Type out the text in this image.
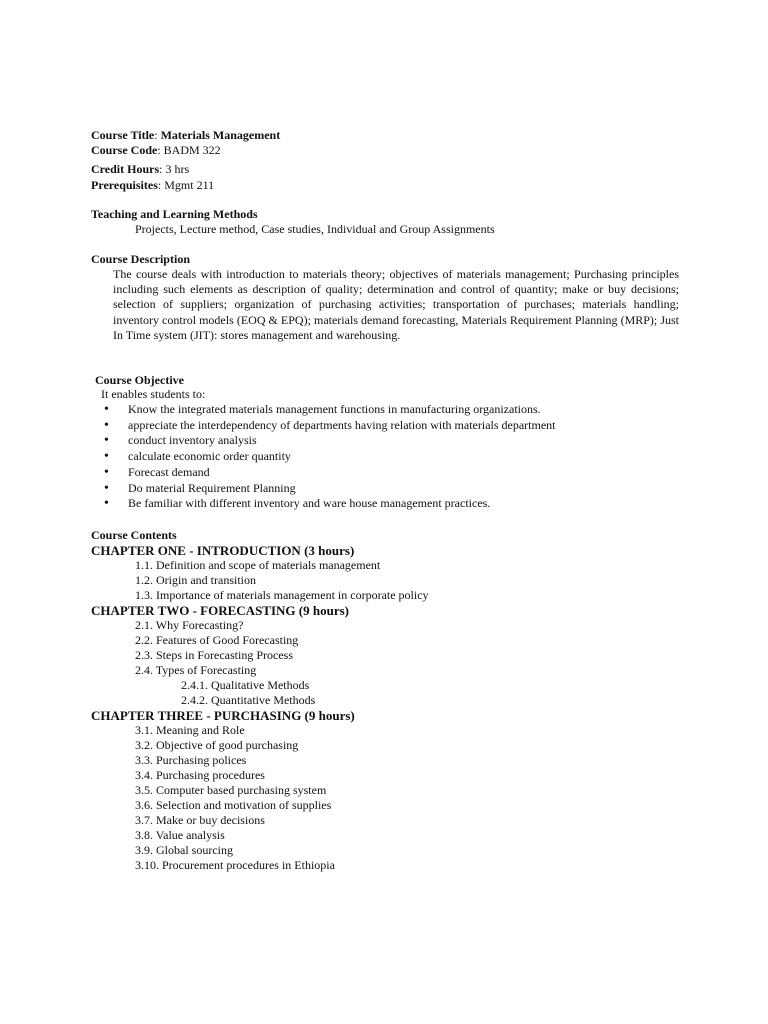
Course Title: Materials Management
Course Code: BADM 322
Credit Hours: 3 hrs
Prerequisites: Mgmt 211
Teaching and Learning Methods
Projects, Lecture method, Case studies, Individual and Group Assignments
Course Description
The course deals with introduction to materials theory; objectives of materials management; Purchasing principles including such elements as description of quality; determination and control of quantity; make or buy decisions; selection of suppliers; organization of purchasing activities; transportation of purchases; materials handling; inventory control models (EOQ & EPQ); materials demand forecasting, Materials Requirement Planning (MRP); Just In Time system (JIT): stores management and warehousing.
Course Objective
It enables students to:
• Know the integrated materials management functions in manufacturing organizations.
• appreciate the interdependency of departments having relation with materials department
• conduct inventory analysis
• calculate economic order quantity
• Forecast demand
• Do material Requirement Planning
• Be familiar with different inventory and ware house management practices.
Course Contents
CHAPTER ONE - INTRODUCTION (3 hours)
1.1. Definition and scope of materials management
1.2. Origin and transition
1.3. Importance of materials management in corporate policy
CHAPTER TWO - FORECASTING (9 hours)
2.1. Why Forecasting?
2.2. Features of Good Forecasting
2.3. Steps in Forecasting Process
2.4. Types of Forecasting
2.4.1. Qualitative Methods
2.4.2. Quantitative Methods
CHAPTER THREE - PURCHASING (9 hours)
3.1. Meaning and Role
3.2. Objective of good purchasing
3.3. Purchasing polices
3.4. Purchasing procedures
3.5. Computer based purchasing system
3.6. Selection and motivation of supplies
3.7. Make or buy decisions
3.8. Value analysis
3.9. Global sourcing
3.10. Procurement procedures in Ethiopia
